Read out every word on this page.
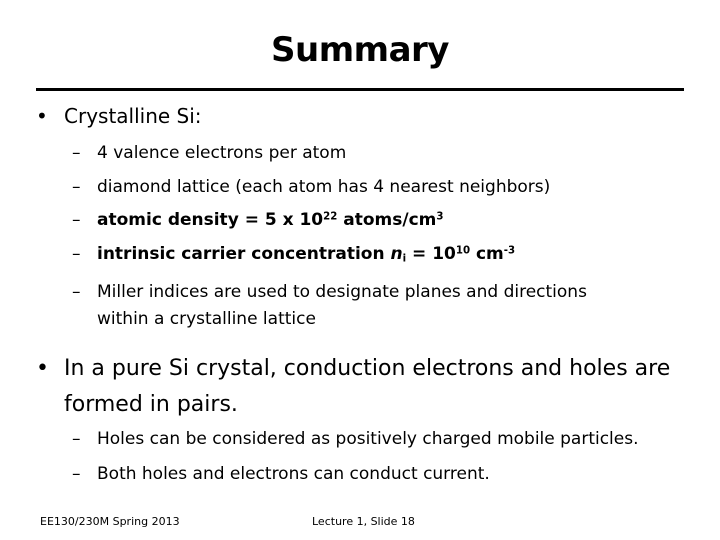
Summary
• Crystalline Si:
– 4 valence electrons per atom
– diamond lattice (each atom has 4 nearest neighbors)
– atomic density = 5 x $10^{22}$ atoms/$cm^3$
– intrinsic carrier concentration $n_i = 10^{10}$ $cm^{-3}$
– Miller indices are used to designate planes and directions
within a crystalline lattice
• In a pure Si crystal, conduction electrons and holes are
formed in pairs.
– Holes can be considered as positively charged mobile particles.
– Both holes and electrons can conduct current.
EE130/230M Spring 2013	Lecture 1, Slide 18
